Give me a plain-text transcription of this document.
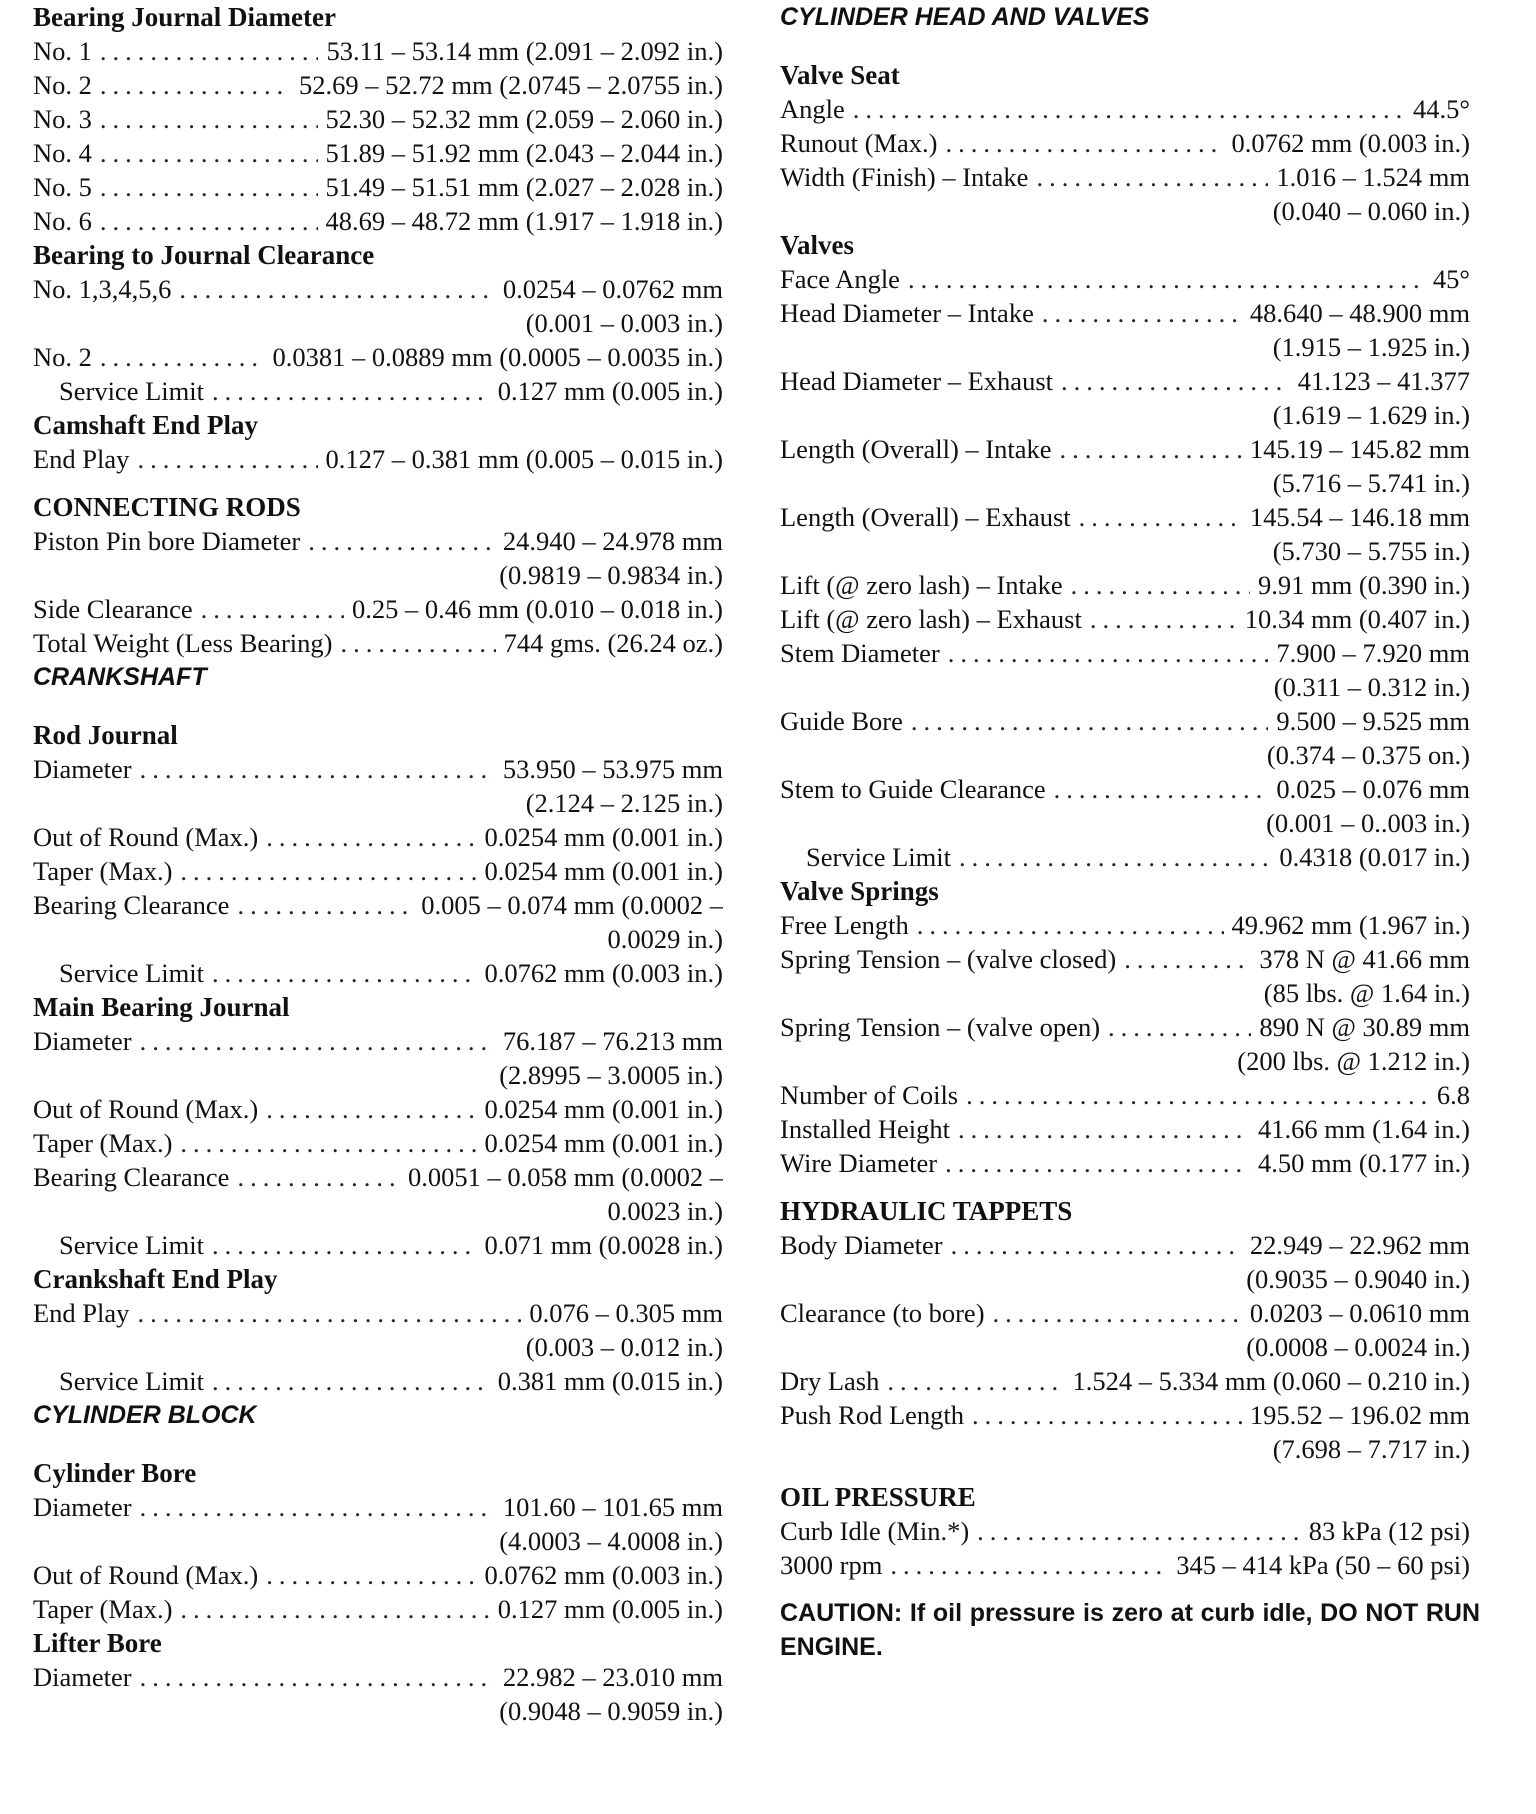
Bearing Journal Diameter
No. 1 .....	53.11 – 53.14 mm (2.091 – 2.092 in.)
No. 2 .....	52.69 – 52.72 mm (2.0745 – 2.0755 in.)
No. 3 .....	52.30 – 52.32 mm (2.059 – 2.060 in.)
No. 4 .....	51.89 – 51.92 mm (2.043 – 2.044 in.)
No. 5 .....	51.49 – 51.51 mm (2.027 – 2.028 in.)
No. 6 .....	48.69 – 48.72 mm (1.917 – 1.918 in.)
Bearing to Journal Clearance
No. 1,3,4,5,6 .....	0.0254 – 0.0762 mm
(0.001 – 0.003 in.)
No. 2 .....	0.0381 – 0.0889 mm (0.0005 – 0.0035 in.)
Service Limit .....	0.127 mm (0.005 in.)
Camshaft End Play
End Play .....	0.127 – 0.381 mm (0.005 – 0.015 in.)
CONNECTING RODS
Piston Pin bore Diameter .....	24.940 – 24.978 mm
(0.9819 – 0.9834 in.)
Side Clearance .....	0.25 – 0.46 mm (0.010 – 0.018 in.)
Total Weight (Less Bearing) .....	744 gms. (26.24 oz.)
CRANKSHAFT
Rod Journal
Diameter .....	53.950 – 53.975 mm
(2.124 – 2.125 in.)
Out of Round (Max.) .....	0.0254 mm (0.001 in.)
Taper (Max.) .....	0.0254 mm (0.001 in.)
Bearing Clearance .....	0.005 – 0.074 mm (0.0002 –
0.0029 in.)
Service Limit .....	0.0762 mm (0.003 in.)
Main Bearing Journal
Diameter .....	76.187 – 76.213 mm
(2.8995 – 3.0005 in.)
Out of Round (Max.) .....	0.0254 mm (0.001 in.)
Taper (Max.) .....	0.0254 mm (0.001 in.)
Bearing Clearance .....	0.0051 – 0.058 mm (0.0002 –
0.0023 in.)
Service Limit .....	0.071 mm (0.0028 in.)
Crankshaft End Play
End Play .....	0.076 – 0.305 mm
(0.003 – 0.012 in.)
Service Limit .....	0.381 mm (0.015 in.)
CYLINDER BLOCK
Cylinder Bore
Diameter .....	101.60 – 101.65 mm
(4.0003 – 4.0008 in.)
Out of Round (Max.) .....	0.0762 mm (0.003 in.)
Taper (Max.) .....	0.127 mm (0.005 in.)
Lifter Bore
Diameter .....	22.982 – 23.010 mm
(0.9048 – 0.9059 in.)
CYLINDER HEAD AND VALVES
Valve Seat
Angle .....	44.5°
Runout (Max.) .....	0.0762 mm (0.003 in.)
Width (Finish) – Intake .....	1.016 – 1.524 mm
(0.040 – 0.060 in.)
Valves
Face Angle .....	45°
Head Diameter – Intake .....	48.640 – 48.900 mm
(1.915 – 1.925 in.)
Head Diameter – Exhaust .....	41.123 – 41.377
(1.619 – 1.629 in.)
Length (Overall) – Intake .....	145.19 – 145.82 mm
(5.716 – 5.741 in.)
Length (Overall) – Exhaust .....	145.54 – 146.18 mm
(5.730 – 5.755 in.)
Lift (@ zero lash) – Intake .....	9.91 mm (0.390 in.)
Lift (@ zero lash) – Exhaust .....	10.34 mm (0.407 in.)
Stem Diameter .....	7.900 – 7.920 mm
(0.311 – 0.312 in.)
Guide Bore .....	9.500 – 9.525 mm
(0.374 – 0.375 on.)
Stem to Guide Clearance .....	0.025 – 0.076 mm
(0.001 – 0..003 in.)
Service Limit .....	0.4318 (0.017 in.)
Valve Springs
Free Length .....	49.962 mm (1.967 in.)
Spring Tension – (valve closed) .....	378 N @ 41.66 mm
(85 lbs. @ 1.64 in.)
Spring Tension – (valve open) .....	890 N @ 30.89 mm
(200 lbs. @ 1.212 in.)
Number of Coils .....	6.8
Installed Height .....	41.66 mm (1.64 in.)
Wire Diameter .....	4.50 mm (0.177 in.)
HYDRAULIC TAPPETS
Body Diameter .....	22.949 – 22.962 mm
(0.9035 – 0.9040 in.)
Clearance (to bore) .....	0.0203 – 0.0610 mm
(0.0008 – 0.0024 in.)
Dry Lash .....	1.524 – 5.334 mm (0.060 – 0.210 in.)
Push Rod Length .....	195.52 – 196.02 mm
(7.698 – 7.717 in.)
OIL PRESSURE
Curb Idle (Min.*) .....	83 kPa (12 psi)
3000 rpm .....	345 – 414 kPa (50 – 60 psi)
CAUTION: If oil pressure is zero at curb idle, DO NOT RUN ENGINE.
